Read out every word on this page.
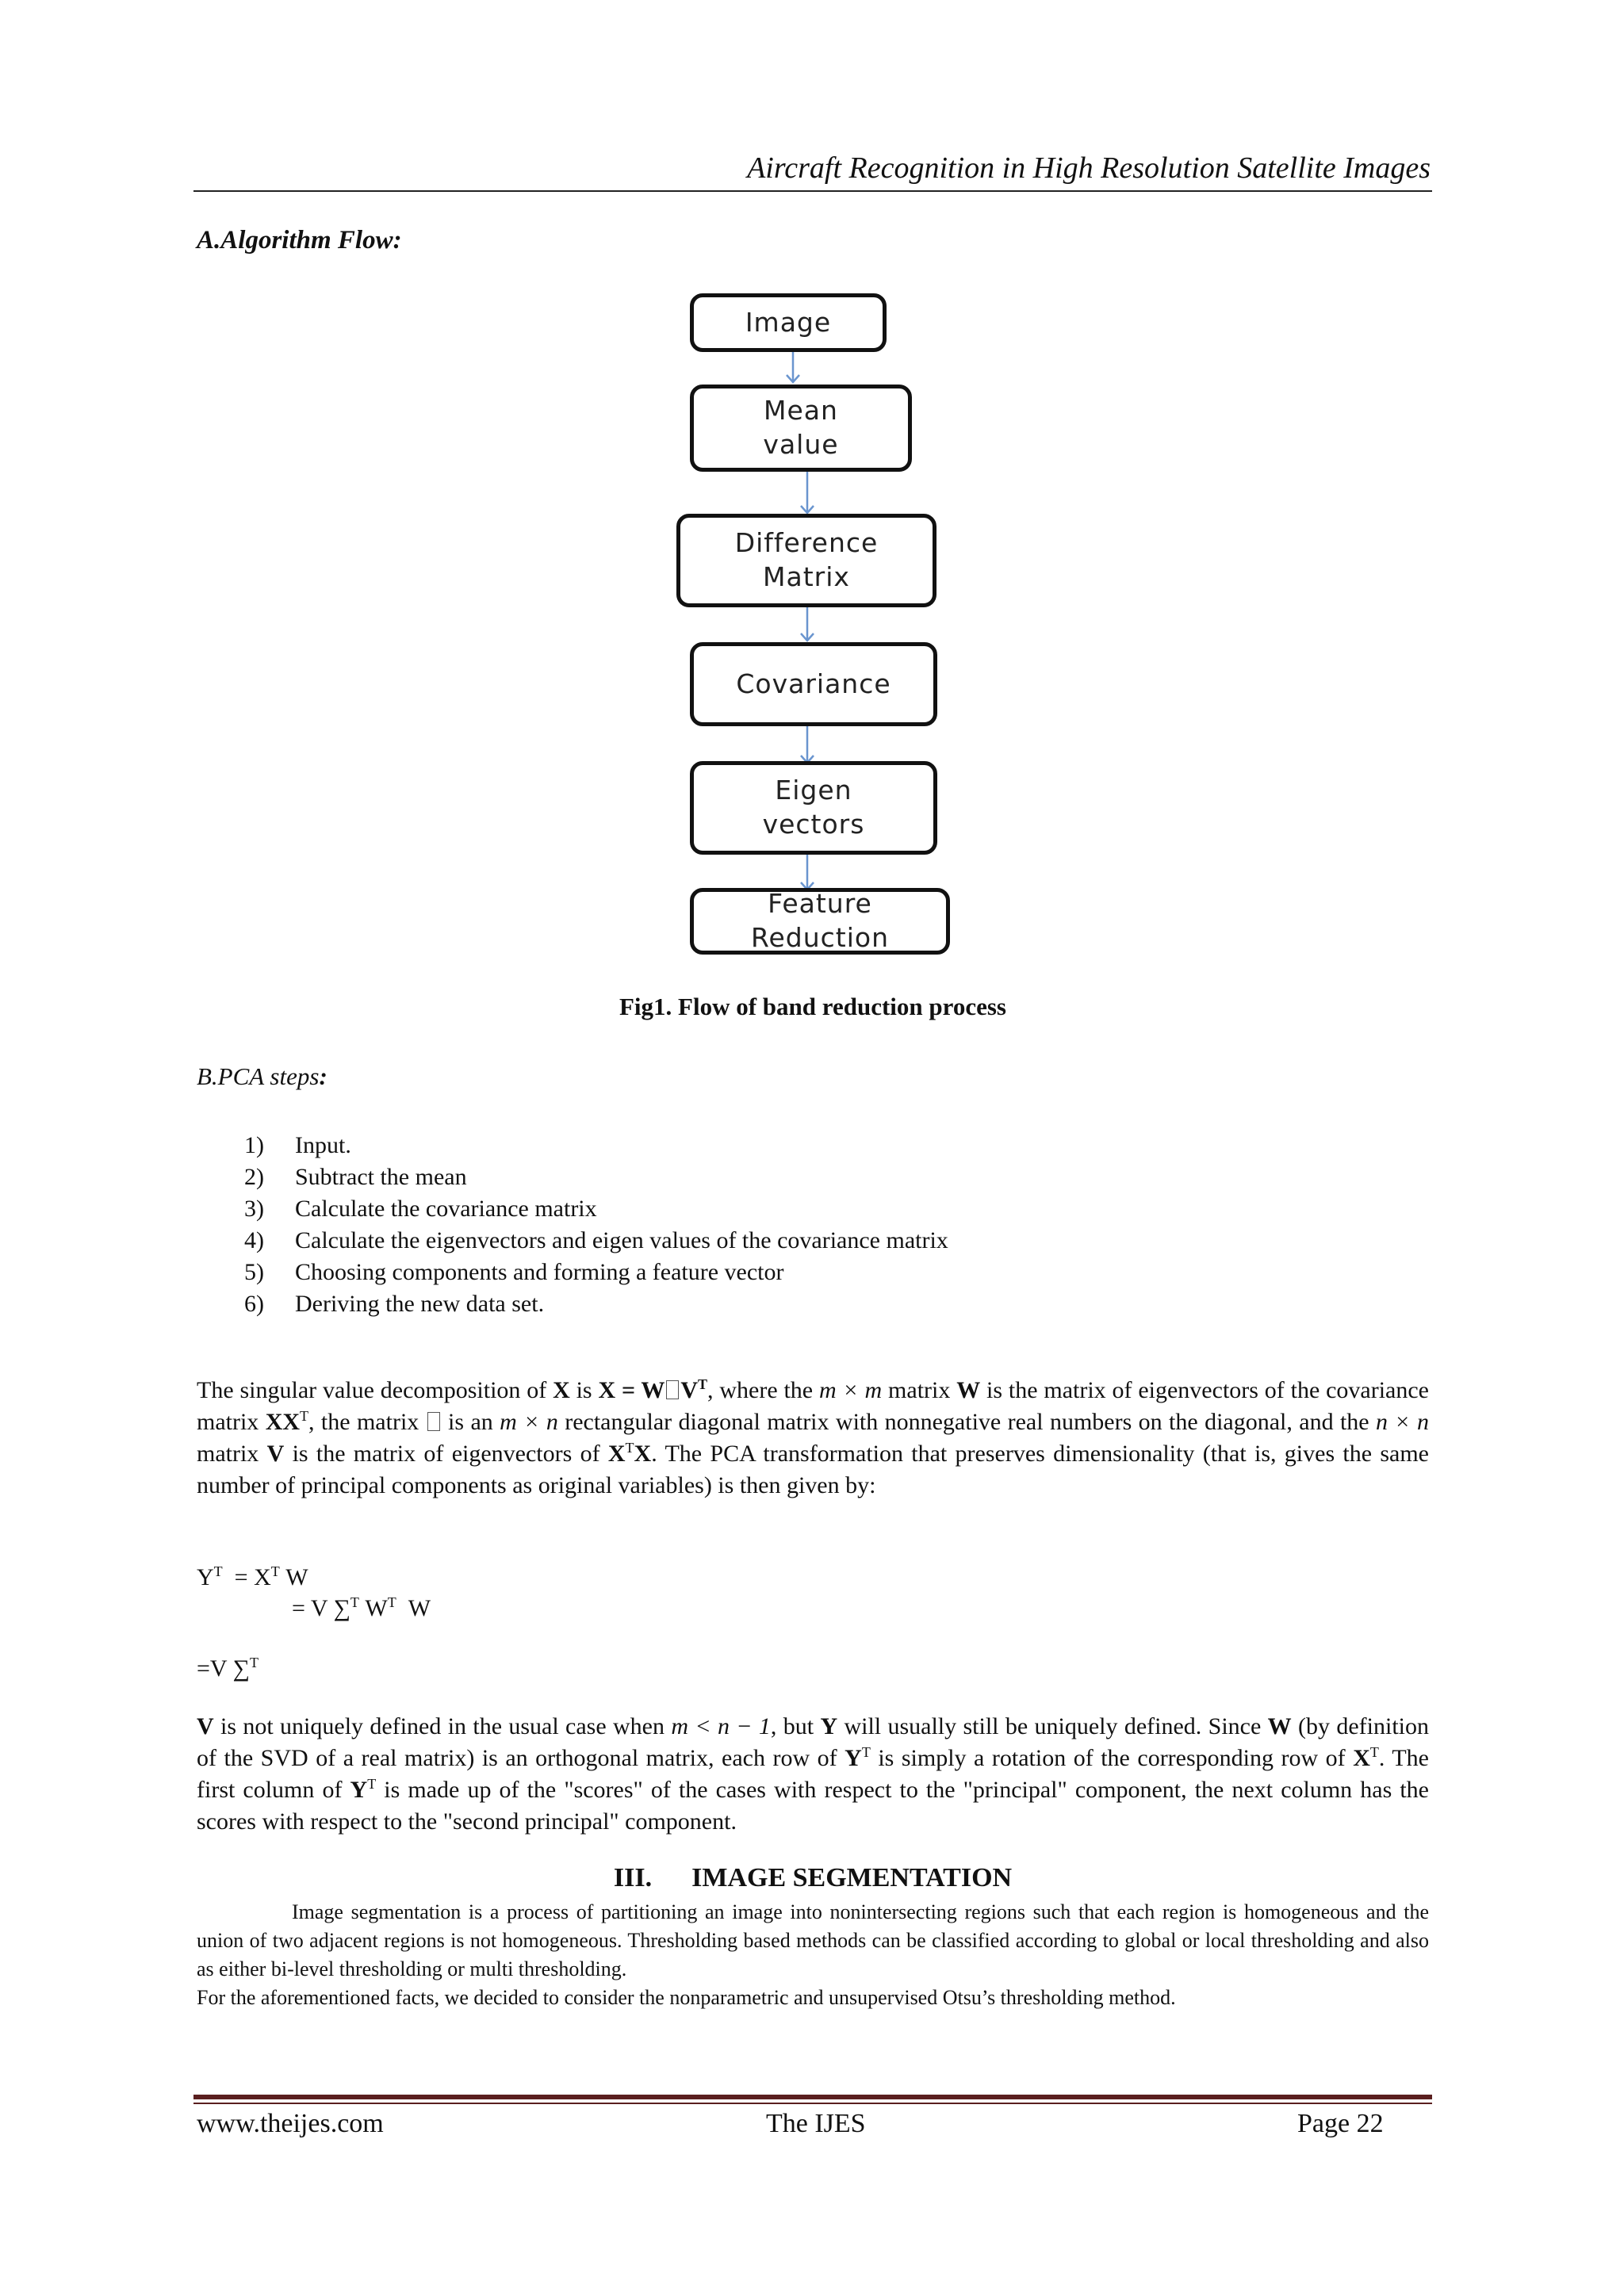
Aircraft Recognition in High Resolution Satellite Images
A.Algorithm Flow:
Image
Mean
value
Difference
Matrix
Covariance
Eigen
vectors
Feature
Reduction
Fig1. Flow of band reduction process
B.PCA steps:
1)	Input.
2)	Subtract the mean
3)	Calculate the covariance matrix
4)	Calculate the eigenvectors and eigen values of the covariance matrix
5)	Choosing components and forming a feature vector
6)	Deriving the new data set.
The singular value decomposition of X is X = W $V^T$, where the m × m matrix W is the matrix of eigenvectors of the covariance matrix $XX^T$, the matrix  is an m × n rectangular diagonal matrix with nonnegative real numbers on the diagonal, and the n × n matrix V is the matrix of eigenvectors of $X^TX$. The PCA transformation that preserves dimensionality (that is, gives the same number of principal components as original variables) is then given by:
$Y^T = X^T$ W
= V ∑$^T$ $W^T$ W
=V ∑$^T$
V is not uniquely defined in the usual case when m < n − 1, but Y will usually still be uniquely defined. Since W (by definition of the SVD of a real matrix) is an orthogonal matrix, each row of $Y^T$ is simply a rotation of the corresponding row of $X^T$. The first column of $Y^T$ is made up of the "scores" of the cases with respect to the "principal" component, the next column has the scores with respect to the "second principal" component.
III. IMAGE SEGMENTATION
Image segmentation is a process of partitioning an image into nonintersecting regions such that each region is homogeneous and the union of two adjacent regions is not homogeneous. Thresholding based methods can be classified according to global or local thresholding and also as either bi-level thresholding or multi thresholding.
For the aforementioned facts, we decided to consider the nonparametric and unsupervised Otsu’s thresholding method.
www.theijes.com	The IJES	Page 22
